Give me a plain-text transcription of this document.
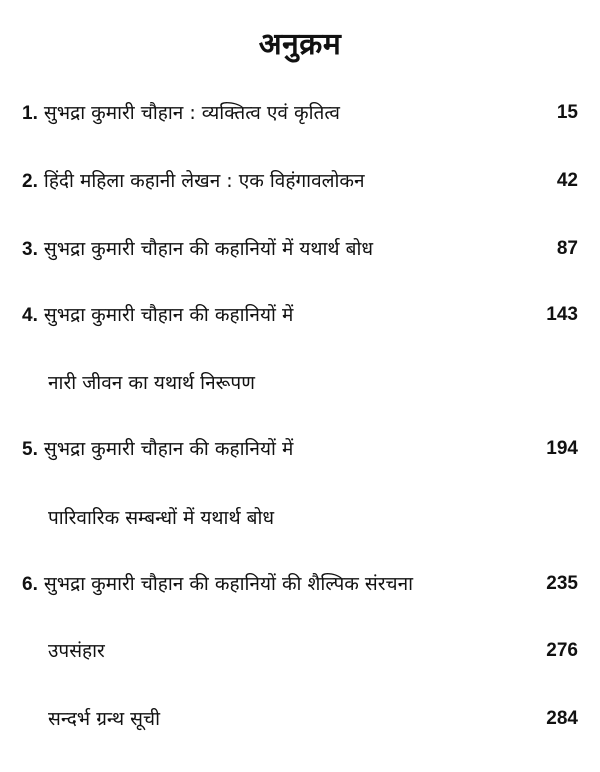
अनुक्रम
1. सुभद्रा कुमारी चौहान : व्यक्तित्व एवं कृतित्व	15
2. हिंदी महिला कहानी लेखन : एक विहंगावलोकन	42
3. सुभद्रा कुमारी चौहान की कहानियों में यथार्थ बोध	87
4. सुभद्रा कुमारी चौहान की कहानियों में	143
नारी जीवन का यथार्थ निरूपण
5. सुभद्रा कुमारी चौहान की कहानियों में	194
पारिवारिक सम्बन्धों में यथार्थ बोध
6. सुभद्रा कुमारी चौहान की कहानियों की शैल्पिक संरचना	235
उपसंहार	276
सन्दर्भ ग्रन्थ सूची	284
